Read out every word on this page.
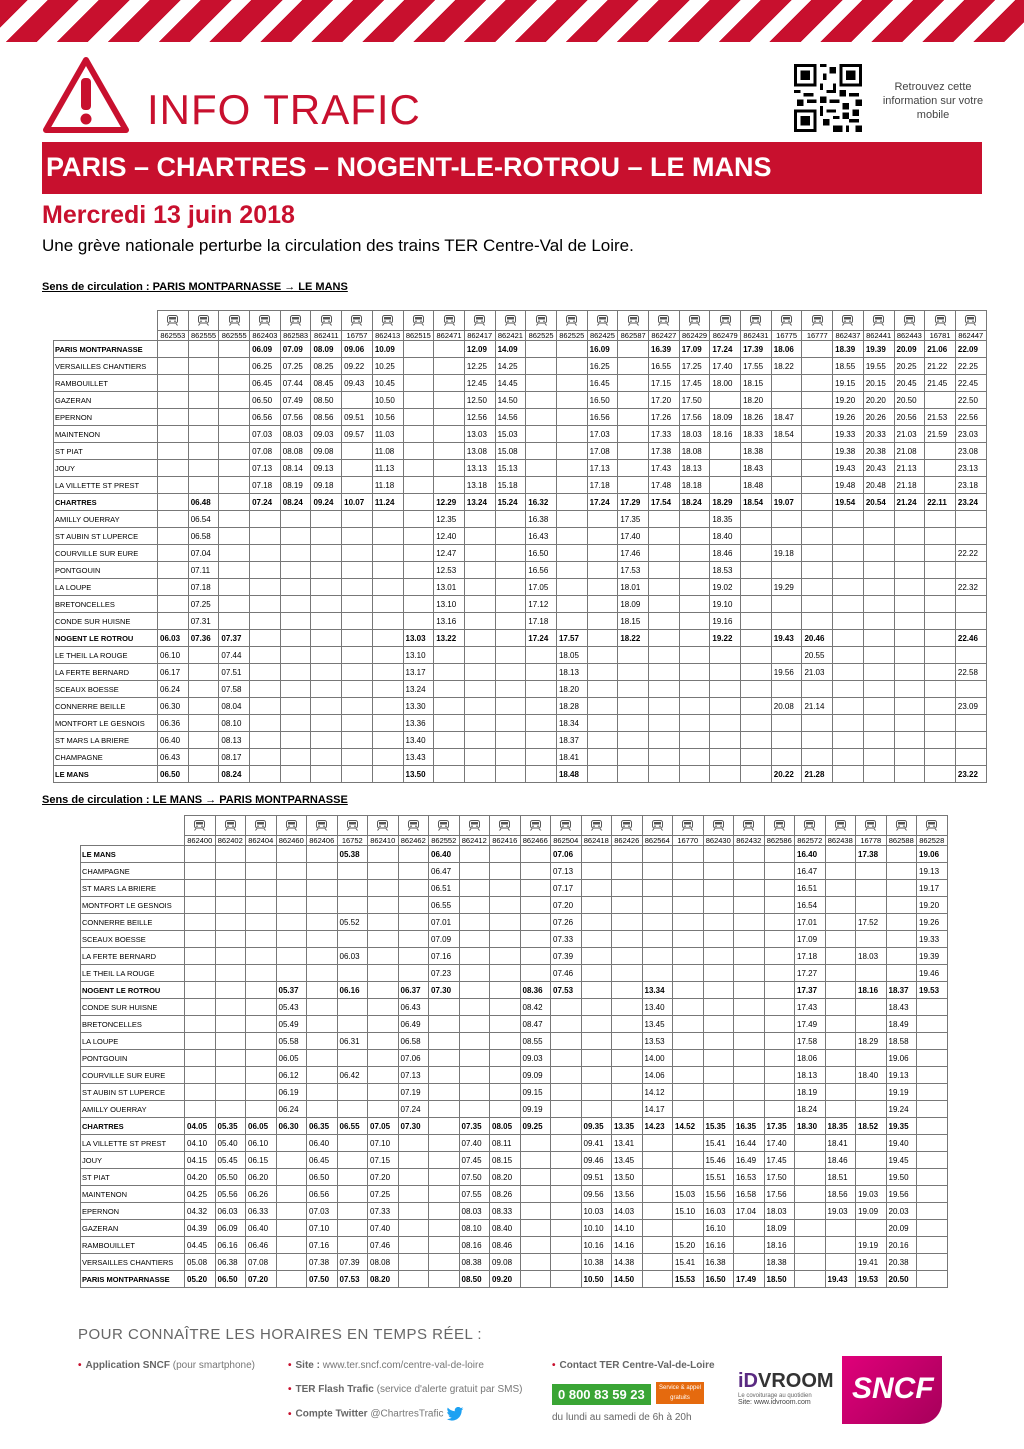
INFO TRAFIC	Retrouvez cette information sur votre mobile
PARIS – CHARTRES – NOGENT-LE-ROTROU – LE MANS
Mercredi 13 juin 2018
Une grève nationale perturbe la circulation des trains TER Centre-Val de Loire.
Sens de circulation : PARIS MONTPARNASSE → LE MANS

	862553	862555	862555	862403	862583	862411	16757	862413	862515	862471	862417	862421	862525	862525	862425	862587	862427	862429	862479	862431	16775	16777	862437	862441	862443	16781	862447
PARIS MONTPARNASSE				06.09	07.09	08.09	09.06	10.09			12.09	14.09			16.09		16.39	17.09	17.24	17.39	18.06		18.39	19.39	20.09	21.06	22.09
VERSAILLES CHANTIERS				06.25	07.25	08.25	09.22	10.25			12.25	14.25			16.25		16.55	17.25	17.40	17.55	18.22		18.55	19.55	20.25	21.22	22.25
RAMBOUILLET				06.45	07.44	08.45	09.43	10.45			12.45	14.45			16.45		17.15	17.45	18.00	18.15			19.15	20.15	20.45	21.45	22.45
GAZERAN				06.50	07.49	08.50		10.50			12.50	14.50			16.50		17.20	17.50		18.20			19.20	20.20	20.50		22.50
EPERNON				06.56	07.56	08.56	09.51	10.56			12.56	14.56			16.56		17.26	17.56	18.09	18.26	18.47		19.26	20.26	20.56	21.53	22.56
MAINTENON				07.03	08.03	09.03	09.57	11.03			13.03	15.03			17.03		17.33	18.03	18.16	18.33	18.54		19.33	20.33	21.03	21.59	23.03
ST PIAT				07.08	08.08	09.08		11.08			13.08	15.08			17.08		17.38	18.08		18.38			19.38	20.38	21.08		23.08
JOUY				07.13	08.14	09.13		11.13			13.13	15.13			17.13		17.43	18.13		18.43			19.43	20.43	21.13		23.13
LA VILLETTE ST PREST				07.18	08.19	09.18		11.18			13.18	15.18			17.18		17.48	18.18		18.48			19.48	20.48	21.18		23.18
CHARTRES		06.48		07.24	08.24	09.24	10.07	11.24		12.29	13.24	15.24	16.32		17.24	17.29	17.54	18.24	18.29	18.54	19.07		19.54	20.54	21.24	22.11	23.24
AMILLY OUERRAY		06.54								12.35			16.38			17.35			18.35								
ST AUBIN ST LUPERCE		06.58								12.40			16.43			17.40			18.40								
COURVILLE SUR EURE		07.04								12.47			16.50			17.46			18.46		19.18						22.22
PONTGOUIN		07.11								12.53			16.56			17.53			18.53								
LA LOUPE		07.18								13.01			17.05			18.01			19.02		19.29						22.32
BRETONCELLES		07.25								13.10			17.12			18.09			19.10								
CONDE SUR HUISNE		07.31								13.16			17.18			18.15			19.16								
NOGENT LE ROTROU	06.03	07.36	07.37						13.03	13.22			17.24	17.57		18.22			19.22		19.43	20.46					22.46
LE THEIL LA ROUGE	06.10		07.44						13.10					18.05								20.55					
LA FERTE BERNARD	06.17		07.51						13.17					18.13							19.56	21.03					22.58
SCEAUX BOESSE	06.24		07.58						13.24					18.20													
CONNERRE BEILLE	06.30		08.04						13.30					18.28							20.08	21.14					23.09
MONTFORT LE GESNOIS	06.36		08.10						13.36					18.34													
ST MARS LA BRIERE	06.40		08.13						13.40					18.37													
CHAMPAGNE	06.43		08.17						13.43					18.41													
LE MANS	06.50		08.24						13.50					18.48							20.22	21.28					23.22
Sens de circulation : LE MANS → PARIS MONTPARNASSE

	862400	862402	862404	862460	862406	16752	862410	862462	862552	862412	862416	862466	862504	862418	862426	862564	16770	862430	862432	862586	862572	862438	16778	862588	862528
LE MANS						05.38			06.40				07.06								16.40		17.38		19.06
CHAMPAGNE									06.47				07.13								16.47				19.13
ST MARS LA BRIERE									06.51				07.17								16.51				19.17
MONTFORT LE GESNOIS									06.55				07.20								16.54				19.20
CONNERRE BEILLE						05.52			07.01				07.26								17.01		17.52		19.26
SCEAUX BOESSE									07.09				07.33								17.09				19.33
LA FERTE BERNARD						06.03			07.16				07.39								17.18		18.03		19.39
LE THEIL LA ROUGE									07.23				07.46								17.27				19.46
NOGENT LE ROTROU				05.37		06.16		06.37	07.30			08.36	07.53			13.34					17.37		18.16	18.37	19.53
CONDE SUR HUISNE				05.43				06.43				08.42				13.40					17.43			18.43	
BRETONCELLES				05.49				06.49				08.47				13.45					17.49			18.49	
LA LOUPE				05.58		06.31		06.58				08.55				13.53					17.58		18.29	18.58	
PONTGOUIN				06.05				07.06				09.03				14.00					18.06			19.06	
COURVILLE SUR EURE				06.12		06.42		07.13				09.09				14.06					18.13		18.40	19.13	
ST AUBIN ST LUPERCE				06.19				07.19				09.15				14.12					18.19			19.19	
AMILLY OUERRAY				06.24				07.24				09.19				14.17					18.24			19.24	
CHARTRES	04.05	05.35	06.05	06.30	06.35	06.55	07.05	07.30		07.35	08.05	09.25		09.35	13.35	14.23	14.52	15.35	16.35	17.35	18.30	18.35	18.52	19.35	
LA VILLETTE ST PREST	04.10	05.40	06.10		06.40		07.10			07.40	08.11			09.41	13.41			15.41	16.44	17.40		18.41		19.40	
JOUY	04.15	05.45	06.15		06.45		07.15			07.45	08.15			09.46	13.45			15.46	16.49	17.45		18.46		19.45	
ST PIAT	04.20	05.50	06.20		06.50		07.20			07.50	08.20			09.51	13.50			15.51	16.53	17.50		18.51		19.50	
MAINTENON	04.25	05.56	06.26		06.56		07.25			07.55	08.26			09.56	13.56		15.03	15.56	16.58	17.56		18.56	19.03	19.56	
EPERNON	04.32	06.03	06.33		07.03		07.33			08.03	08.33			10.03	14.03		15.10	16.03	17.04	18.03		19.03	19.09	20.03	
GAZERAN	04.39	06.09	06.40		07.10		07.40			08.10	08.40			10.10	14.10			16.10		18.09				20.09	
RAMBOUILLET	04.45	06.16	06.46		07.16		07.46			08.16	08.46			10.16	14.16		15.20	16.16		18.16			19.19	20.16	
VERSAILLES CHANTIERS	05.08	06.38	07.08		07.38	07.39	08.08			08.38	09.08			10.38	14.38		15.41	16.38		18.38			19.41	20.38	
PARIS MONTPARNASSE	05.20	06.50	07.20		07.50	07.53	08.20			08.50	09.20			10.50	14.50		15.53	16.50	17.49	18.50		19.43	19.53	20.50	
POUR CONNAÎTRE LES HORAIRES EN TEMPS RÉEL :
• Application SNCF (pour smartphone)	• Site : www.ter.sncf.com/centre-val-de-loire
• TER Flash Trafic (service d'alerte gratuit par SMS)
• Compte Twitter @ChartresTrafic
• Contact TER Centre-Val-de-Loire
0 800 83 59 23	Service & appel gratuits
du lundi au samedi de 6h à 20h
iDVROOM
Le covoiturage au quotidien
Site: www.idvroom.com	SNCF
